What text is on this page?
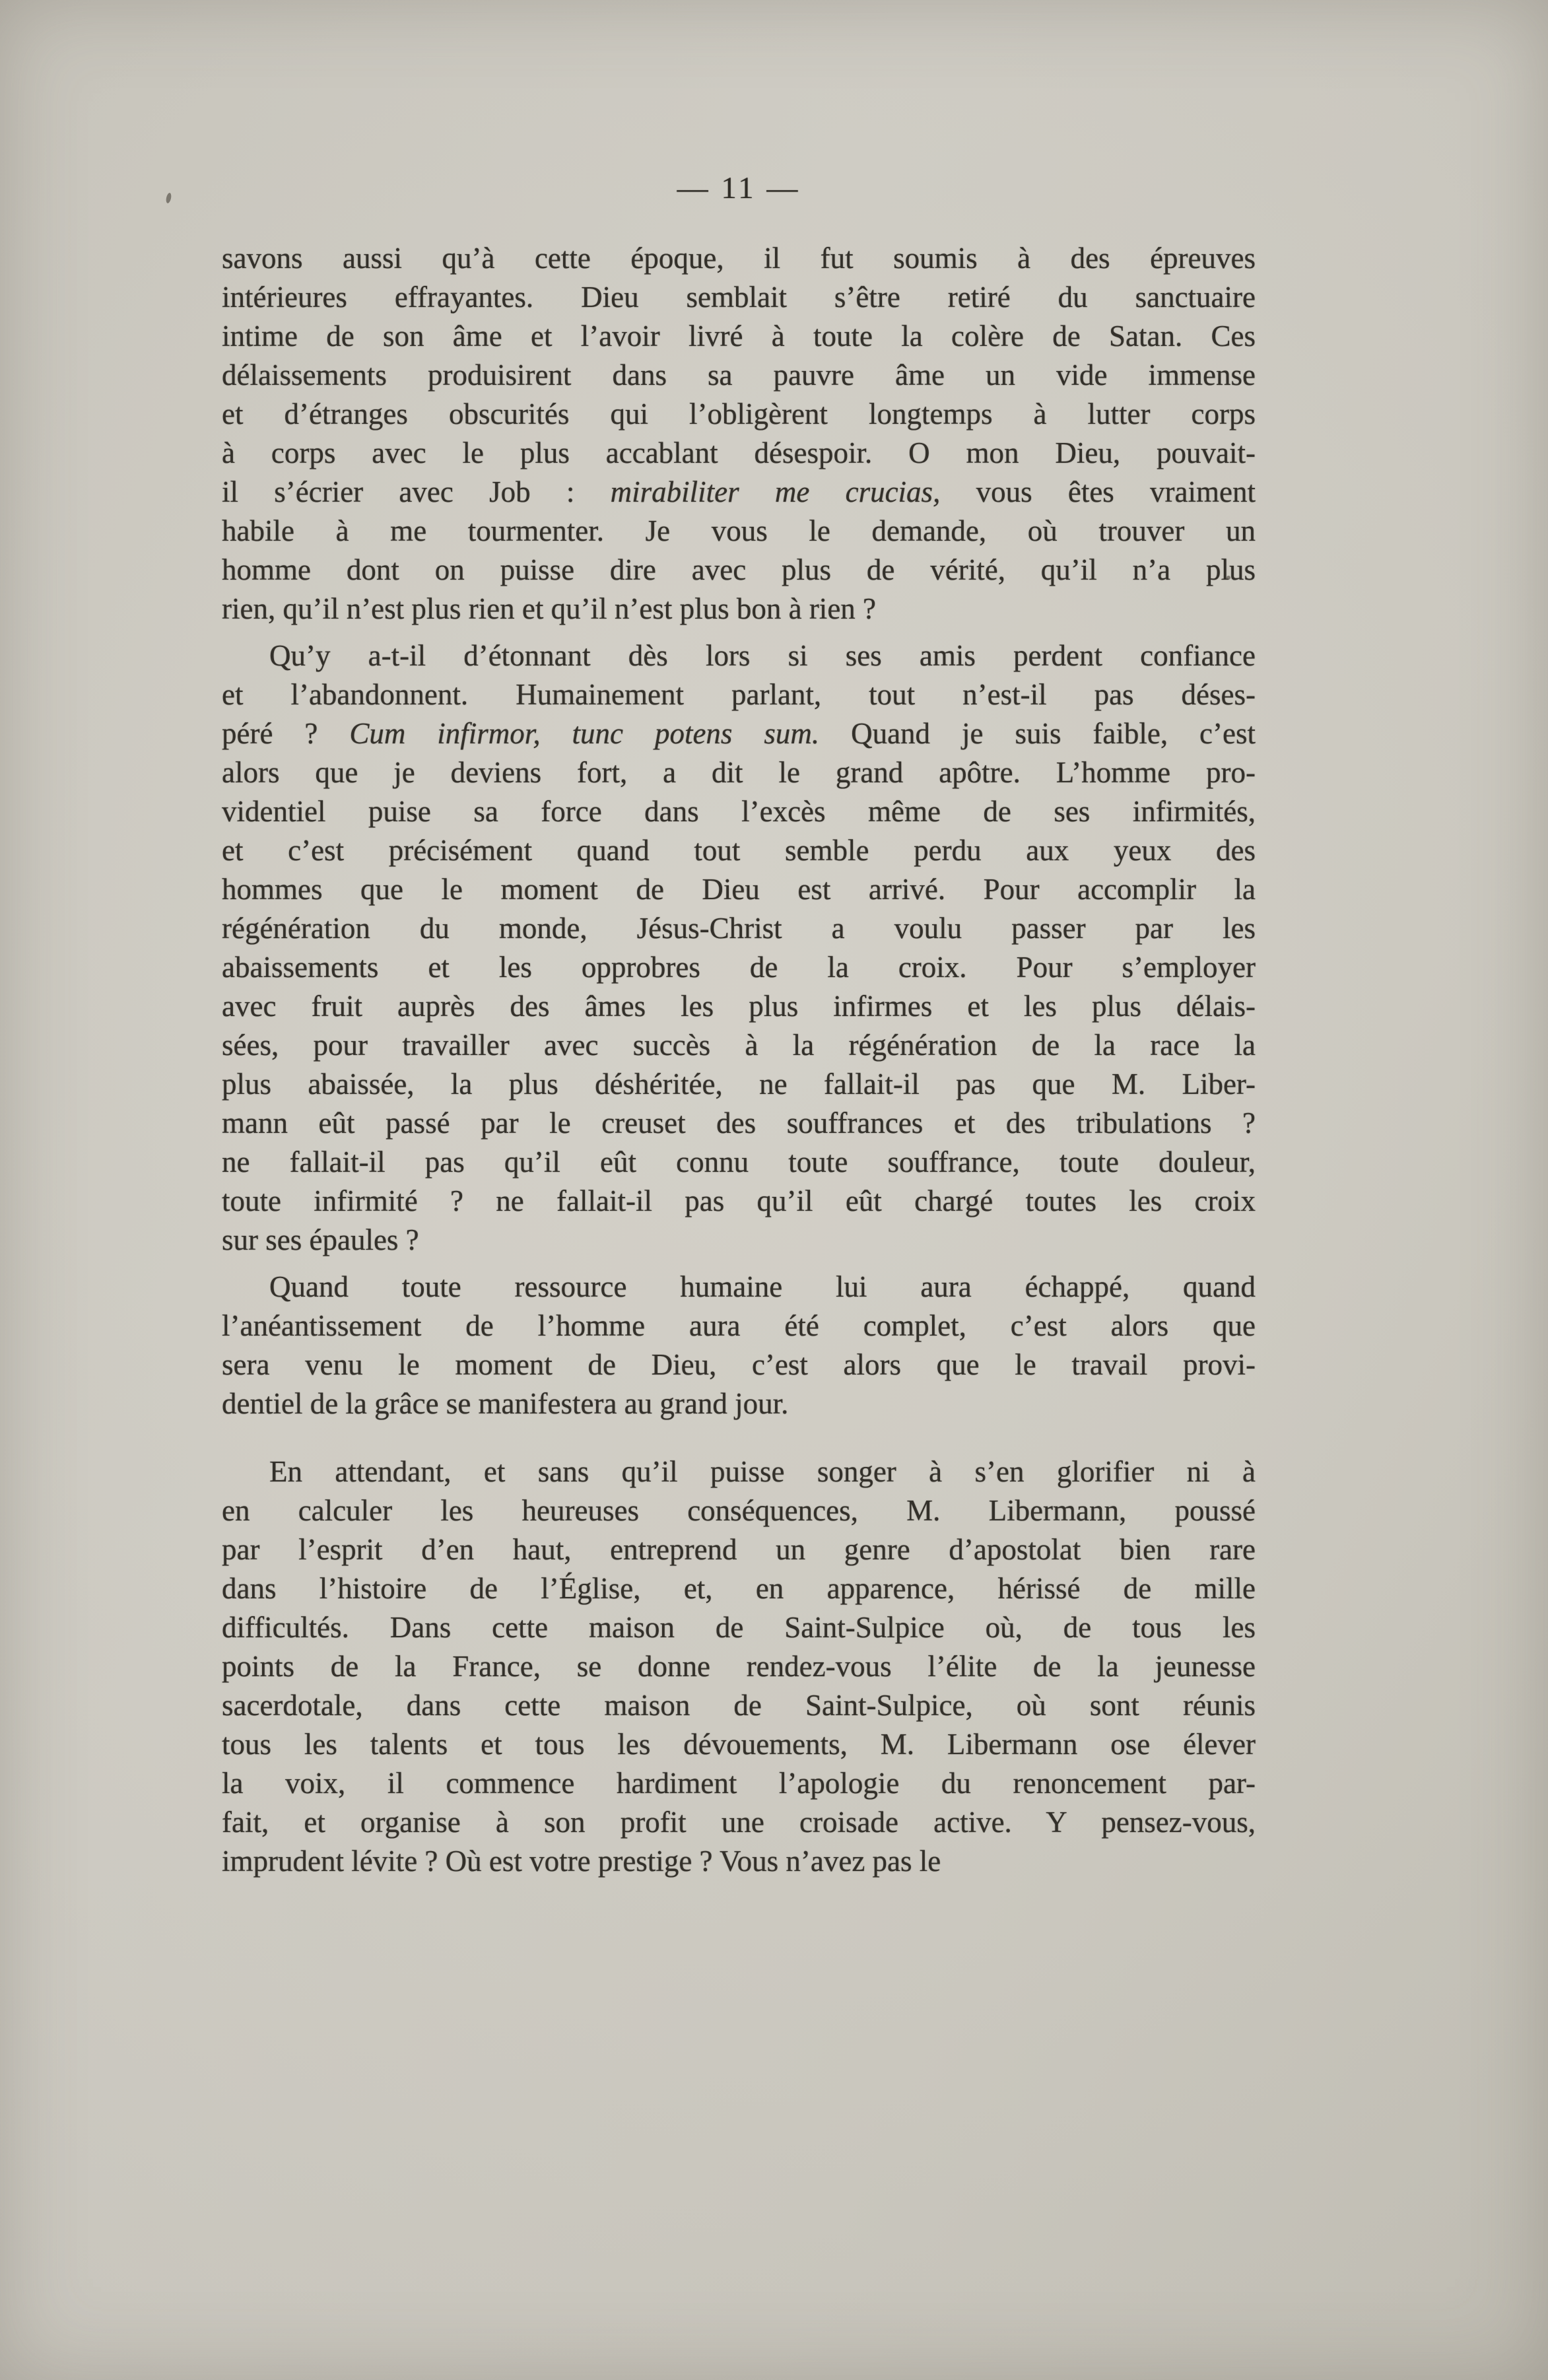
— 11 —
savons aussi qu’à cette époque, il fut soumis à des épreuves
intérieures effrayantes. Dieu semblait s’être retiré du sanctuaire
intime de son âme et l’avoir livré à toute la colère de Satan. Ces
délaissements produisirent dans sa pauvre âme un vide immense
et d’étranges obscurités qui l’obligèrent longtemps à lutter corps
à corps avec le plus accablant désespoir. O mon Dieu, pouvait-
il s’écrier avec Job : mirabiliter me crucias, vous êtes vraiment
habile à me tourmenter. Je vous le demande, où trouver un
homme dont on puisse dire avec plus de vérité, qu’il n’a plus
rien, qu’il n’est plus rien et qu’il n’est plus bon à rien ?
Qu’y a-t-il d’étonnant dès lors si ses amis perdent confiance
et l’abandonnent. Humainement parlant, tout n’est-il pas déses-
péré ? Cum infirmor, tunc potens sum. Quand je suis faible, c’est
alors que je deviens fort, a dit le grand apôtre. L’homme pro-
videntiel puise sa force dans l’excès même de ses infirmités,
et c’est précisément quand tout semble perdu aux yeux des
hommes que le moment de Dieu est arrivé. Pour accomplir la
régénération du monde, Jésus-Christ a voulu passer par les
abaissements et les opprobres de la croix. Pour s’employer
avec fruit auprès des âmes les plus infirmes et les plus délais-
sées, pour travailler avec succès à la régénération de la race la
plus abaissée, la plus déshéritée, ne fallait-il pas que M. Liber-
mann eût passé par le creuset des souffrances et des tribulations ?
ne fallait-il pas qu’il eût connu toute souffrance, toute douleur,
toute infirmité ? ne fallait-il pas qu’il eût chargé toutes les croix
sur ses épaules ?
Quand toute ressource humaine lui aura échappé, quand
l’anéantissement de l’homme aura été complet, c’est alors que
sera venu le moment de Dieu, c’est alors que le travail provi-
dentiel de la grâce se manifestera au grand jour.
En attendant, et sans qu’il puisse songer à s’en glorifier ni à
en calculer les heureuses conséquences, M. Libermann, poussé
par l’esprit d’en haut, entreprend un genre d’apostolat bien rare
dans l’histoire de l’Église, et, en apparence, hérissé de mille
difficultés. Dans cette maison de Saint-Sulpice où, de tous les
points de la France, se donne rendez-vous l’élite de la jeunesse
sacerdotale, dans cette maison de Saint-Sulpice, où sont réunis
tous les talents et tous les dévouements, M. Libermann ose élever
la voix, il commence hardiment l’apologie du renoncement par-
fait, et organise à son profit une croisade active. Y pensez-vous,
imprudent lévite ? Où est votre prestige ? Vous n’avez pas le
